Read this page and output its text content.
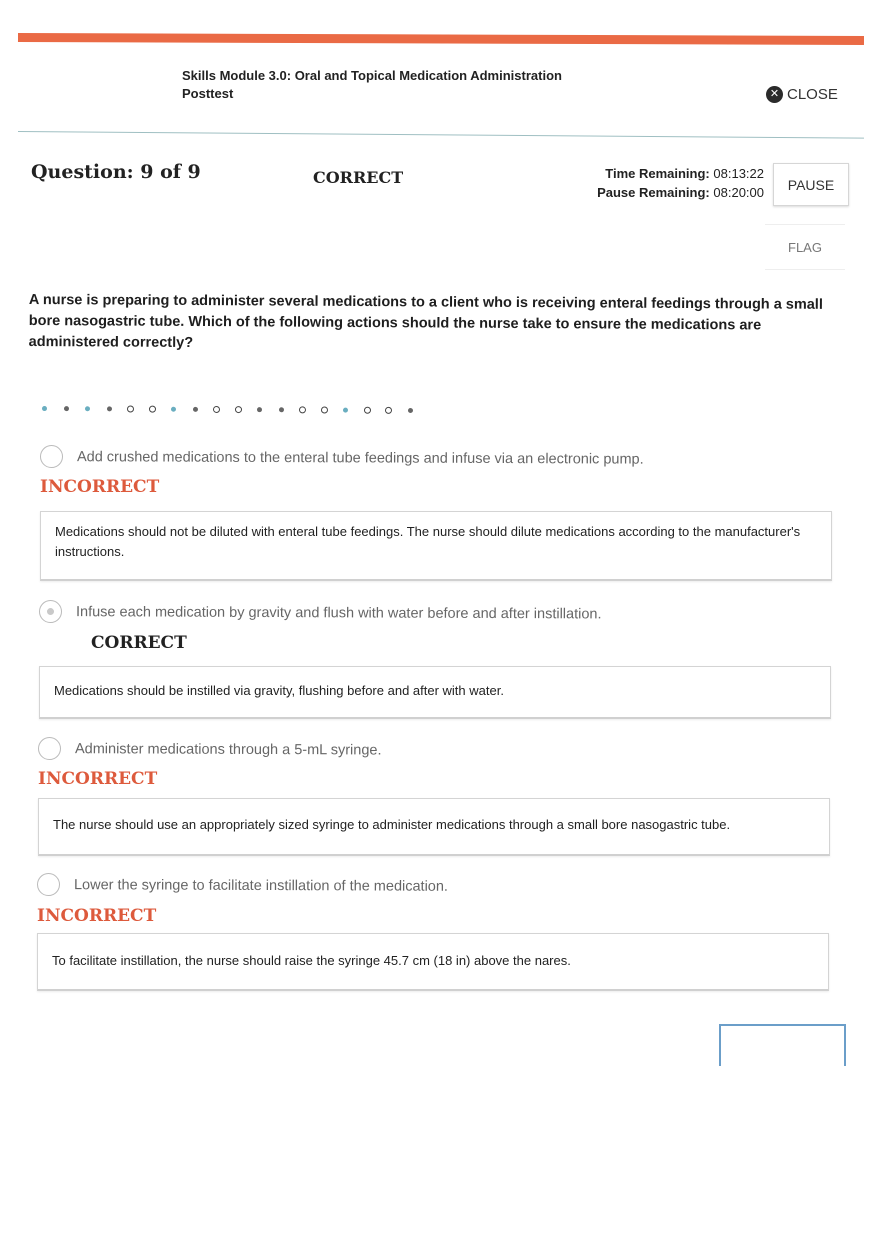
Skills Module 3.0: Oral and Topical Medication Administration
Posttest	✕ CLOSE
Question: 9 of 9	CORRECT	Time Remaining: 08:13:22
Pause Remaining: 08:20:00	PAUSE
FLAG
A nurse is preparing to administer several medications to a client who is receiving enteral feedings through a small bore nasogastric tube. Which of the following actions should the nurse take to ensure the medications are administered correctly?
Add crushed medications to the enteral tube feedings and infuse via an electronic pump.
INCORRECT
Medications should not be diluted with enteral tube feedings. The nurse should dilute medications according to the manufacturer's instructions.
Infuse each medication by gravity and flush with water before and after instillation.
CORRECT
Medications should be instilled via gravity, flushing before and after with water.
Administer medications through a 5-mL syringe.
INCORRECT
The nurse should use an appropriately sized syringe to administer medications through a small bore nasogastric tube.
Lower the syringe to facilitate instillation of the medication.
INCORRECT
To facilitate instillation, the nurse should raise the syringe 45.7 cm (18 in) above the nares.
